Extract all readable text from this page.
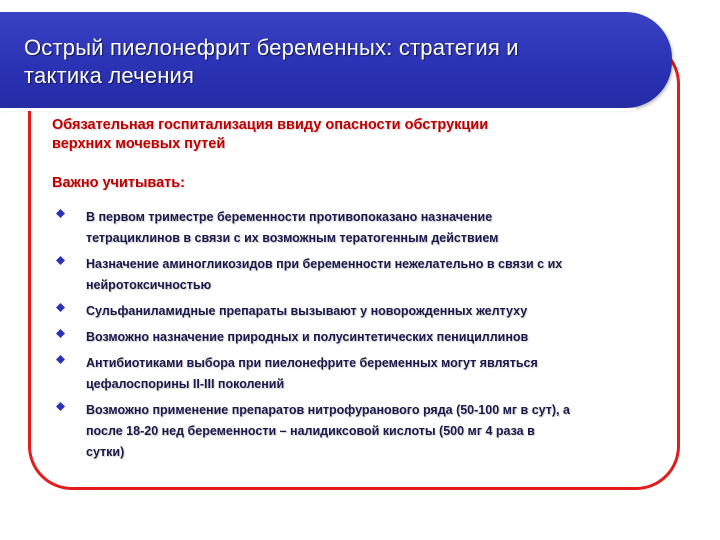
Острый пиелонефрит беременных: стратегия и
тактика лечения

Обязательная госпитализация ввиду опасности обструкции
верхних мочевых путей

Важно учитывать:

В первом триместре беременности противопоказано назначение
тетрациклинов в связи с их возможным тератогенным действием
Назначение аминогликозидов при беременности нежелательно в связи с их
нейротоксичностью
Сульфаниламидные препараты вызывают у новорожденных желтуху
Возможно назначение природных и полусинтетических пенициллинов
Антибиотиками выбора при пиелонефрите беременных могут являться
цефалоспорины II-III поколений
Возможно применение препаратов нитрофуранового ряда (50-100 мг в сут), а
после 18-20 нед беременности – налидиксовой кислоты (500 мг 4 раза в
сутки)
